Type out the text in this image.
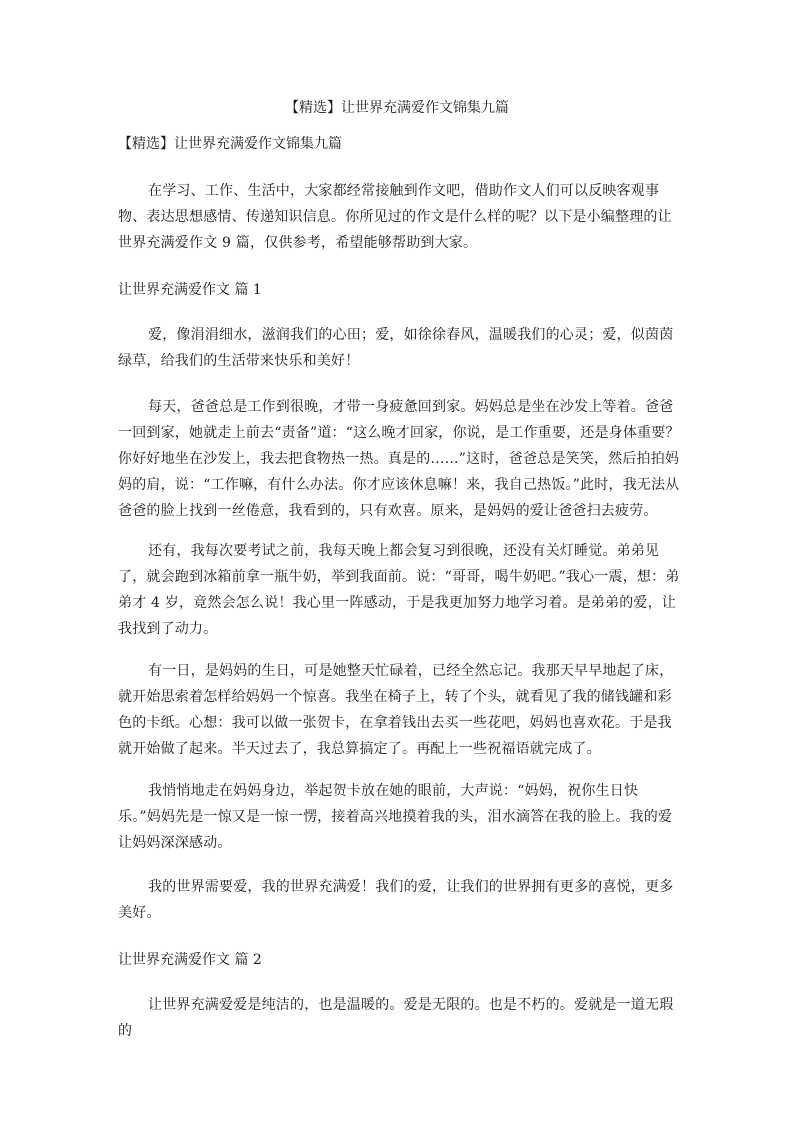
【精选】让世界充满爱作文锦集九篇
【精选】让世界充满爱作文锦集九篇

在学习、工作、生活中，大家都经常接触到作文吧，借助作文人们可以反映客观事物、表达思想感情、传递知识信息。你所见过的作文是什么样的呢？以下是小编整理的让世界充满爱作文 9 篇，仅供参考，希望能够帮助到大家。

让世界充满爱作文 篇 1

爱，像涓涓细水，滋润我们的心田；爱，如徐徐春风，温暖我们的心灵；爱，似茵茵绿草，给我们的生活带来快乐和美好！

每天，爸爸总是工作到很晚，才带一身疲惫回到家。妈妈总是坐在沙发上等着。爸爸一回到家，她就走上前去“责备”道：“这么晚才回家，你说，是工作重要，还是身体重要？你好好地坐在沙发上，我去把食物热一热。真是的……”这时，爸爸总是笑笑，然后拍拍妈妈的肩，说：“工作嘛，有什么办法。你才应该休息嘛！来，我自己热饭。”此时，我无法从爸爸的脸上找到一丝倦意，我看到的，只有欢喜。原来，是妈妈的爱让爸爸扫去疲劳。

还有，我每次要考试之前，我每天晚上都会复习到很晚，还没有关灯睡觉。弟弟见了，就会跑到冰箱前拿一瓶牛奶，举到我面前。说：“哥哥，喝牛奶吧。”我心一震，想：弟弟才 4 岁，竟然会怎么说！我心里一阵感动，于是我更加努力地学习着。是弟弟的爱，让我找到了动力。

有一日，是妈妈的生日，可是她整天忙碌着，已经全然忘记。我那天早早地起了床，就开始思索着怎样给妈妈一个惊喜。我坐在椅子上，转了个头，就看见了我的储钱罐和彩色的卡纸。心想：我可以做一张贺卡，在拿着钱出去买一些花吧，妈妈也喜欢花。于是我就开始做了起来。半天过去了，我总算搞定了。再配上一些祝福语就完成了。

我悄悄地走在妈妈身边，举起贺卡放在她的眼前，大声说：“妈妈，祝你生日快乐。”妈妈先是一惊又是一惊一愣，接着高兴地摸着我的头，泪水滴答在我的脸上。我的爱让妈妈深深感动。

我的世界需要爱，我的世界充满爱！我们的爱，让我们的世界拥有更多的喜悦，更多美好。

让世界充满爱作文 篇 2

让世界充满爱爱是纯洁的，也是温暖的。爱是无限的。也是不朽的。爱就是一道无瑕的
